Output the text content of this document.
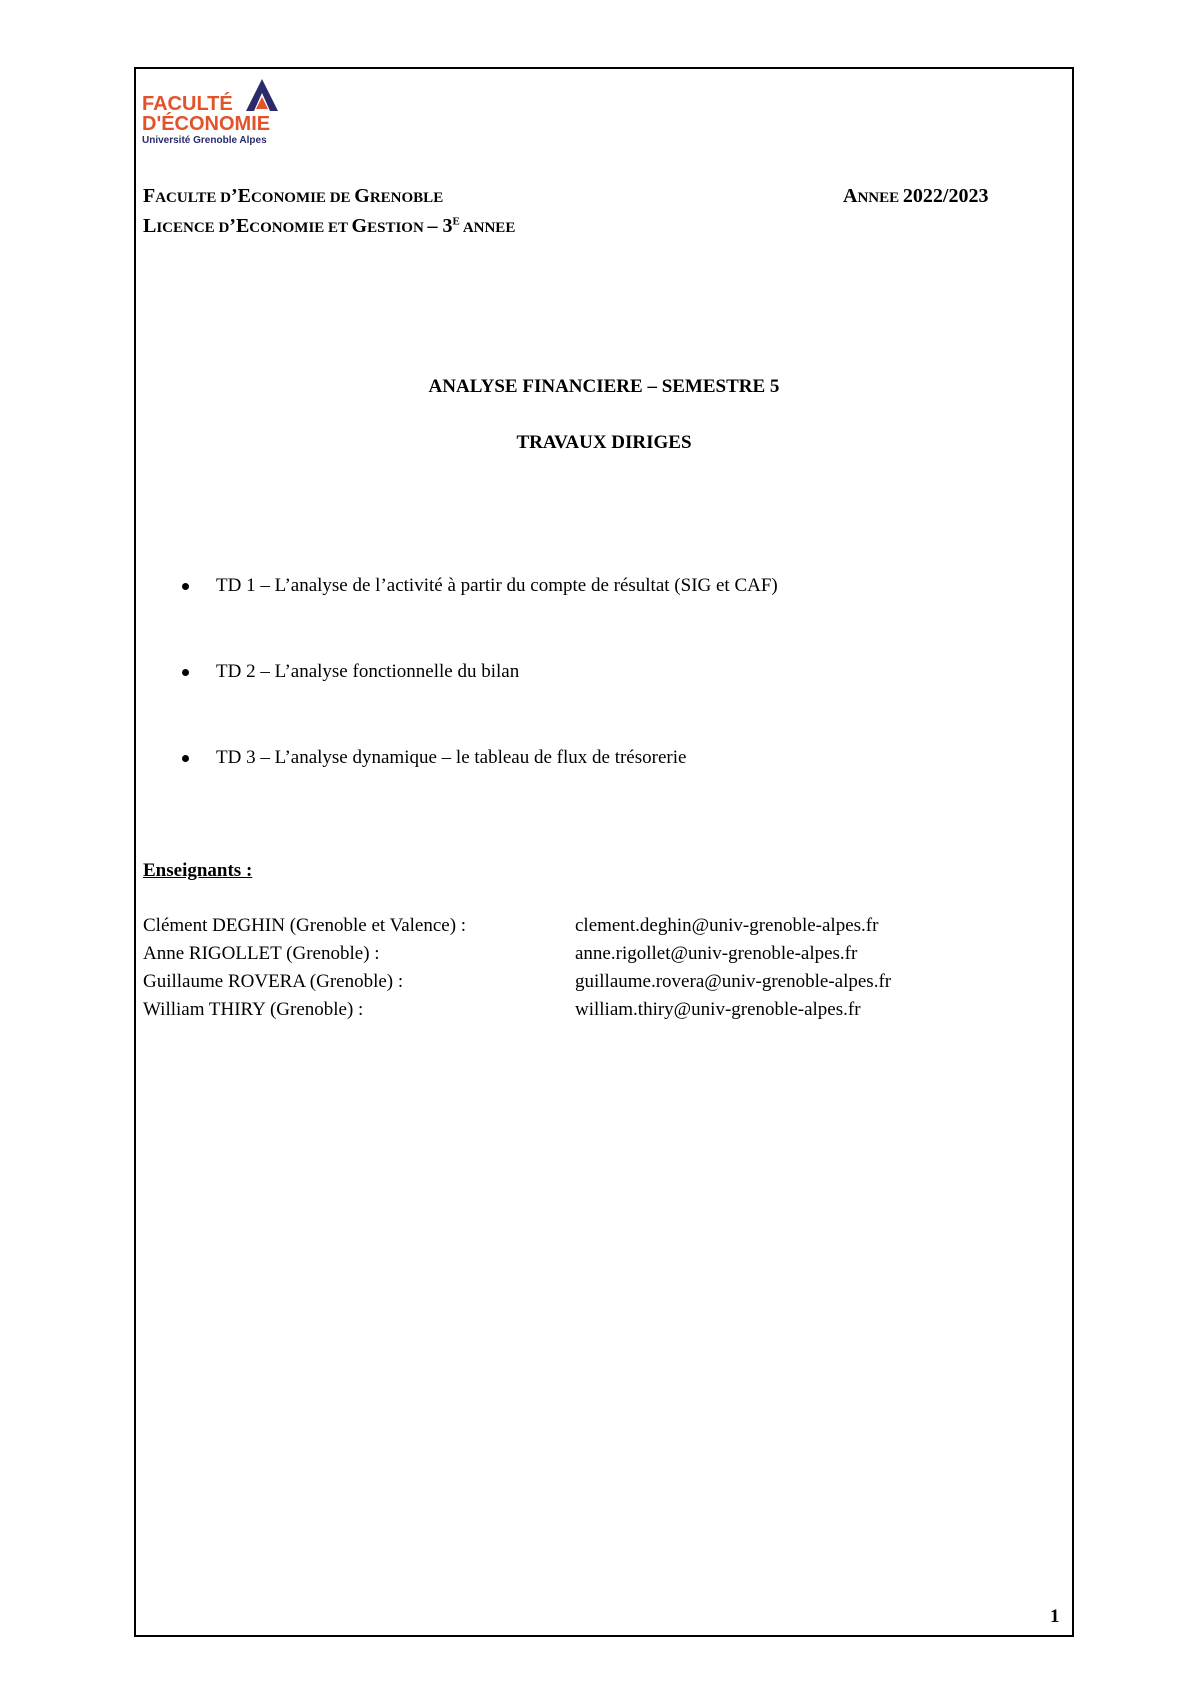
FACULTÉ
D'ÉCONOMIE
Université Grenoble Alpes
FACULTE D’ECONOMIE DE GRENOBLE
LICENCE D’ECONOMIE ET GESTION – $3^E$ ANNEE
ANNEE 2022/2023
ANALYSE FINANCIERE – SEMESTRE 5
TRAVAUX DIRIGES
TD 1 – L’analyse de l’activité à partir du compte de résultat (SIG et CAF)
TD 2 – L’analyse fonctionnelle du bilan
TD 3 – L’analyse dynamique – le tableau de flux de trésorerie
Enseignants :
Clément DEGHIN (Grenoble et Valence) :	clement.deghin@univ-grenoble-alpes.fr
Anne RIGOLLET (Grenoble) :	anne.rigollet@univ-grenoble-alpes.fr
Guillaume ROVERA (Grenoble) :	guillaume.rovera@univ-grenoble-alpes.fr
William THIRY (Grenoble) :	william.thiry@univ-grenoble-alpes.fr
1
